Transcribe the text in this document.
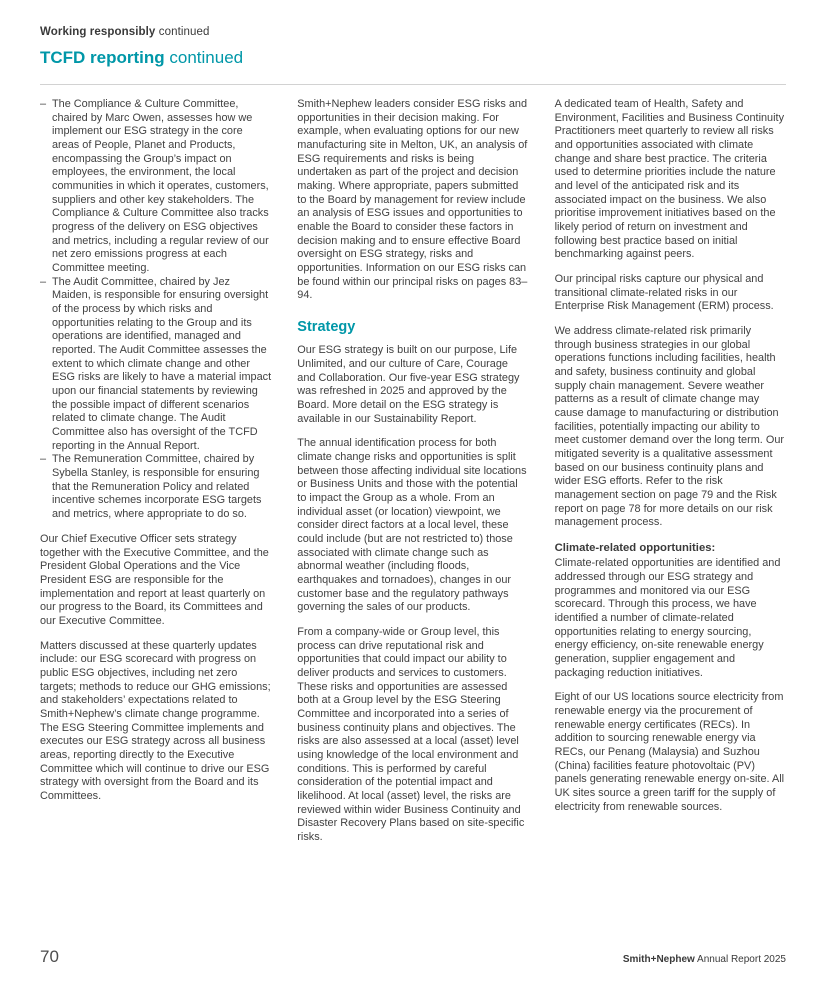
Working responsibly continued
TCFD reporting continued
– The Compliance & Culture Committee, chaired by Marc Owen, assesses how we implement our ESG strategy in the core areas of People, Planet and Products, encompassing the Group’s impact on employees, the environment, the local communities in which it operates, customers, suppliers and other key stakeholders. The Compliance & Culture Committee also tracks progress of the delivery on ESG objectives and metrics, including a regular review of our net zero emissions progress at each Committee meeting.
– The Audit Committee, chaired by Jez Maiden, is responsible for ensuring oversight of the process by which risks and opportunities relating to the Group and its operations are identified, managed and reported. The Audit Committee assesses the extent to which climate change and other ESG risks are likely to have a material impact upon our financial statements by reviewing the possible impact of different scenarios related to climate change. The Audit Committee also has oversight of the TCFD reporting in the Annual Report.
– The Remuneration Committee, chaired by Sybella Stanley, is responsible for ensuring that the Remuneration Policy and related incentive schemes incorporate ESG targets and metrics, where appropriate to do so.

Our Chief Executive Officer sets strategy together with the Executive Committee, and the President Global Operations and the Vice President ESG are responsible for the implementation and report at least quarterly on our progress to the Board, its Committees and our Executive Committee.

Matters discussed at these quarterly updates include: our ESG scorecard with progress on public ESG objectives, including net zero targets; methods to reduce our GHG emissions; and stakeholders’ expectations related to Smith+Nephew’s climate change programme. The ESG Steering Committee implements and executes our ESG strategy across all business areas, reporting directly to the Executive Committee which will continue to drive our ESG strategy with oversight from the Board and its Committees.

Smith+Nephew leaders consider ESG risks and opportunities in their decision making. For example, when evaluating options for our new manufacturing site in Melton, UK, an analysis of ESG requirements and risks is being undertaken as part of the project and decision making. Where appropriate, papers submitted to the Board by management for review include an analysis of ESG issues and opportunities to enable the Board to consider these factors in decision making and to ensure effective Board oversight on ESG strategy, risks and opportunities. Information on our ESG risks can be found within our principal risks on pages 83–94.

Strategy

Our ESG strategy is built on our purpose, Life Unlimited, and our culture of Care, Courage and Collaboration. Our five-year ESG strategy was refreshed in 2025 and approved by the Board. More detail on the ESG strategy is available in our Sustainability Report.

The annual identification process for both climate change risks and opportunities is split between those affecting individual site locations or Business Units and those with the potential to impact the Group as a whole. From an individual asset (or location) viewpoint, we consider direct factors at a local level, these could include (but are not restricted to) those associated with climate change such as abnormal weather (including floods, earthquakes and tornadoes), changes in our customer base and the regulatory pathways governing the sales of our products.

From a company-wide or Group level, this process can drive reputational risk and opportunities that could impact our ability to deliver products and services to customers. These risks and opportunities are assessed both at a Group level by the ESG Steering Committee and incorporated into a series of business continuity plans and objectives. The risks are also assessed at a local (asset) level using knowledge of the local environment and conditions. This is performed by careful consideration of the potential impact and likelihood. At local (asset) level, the risks are reviewed within wider Business Continuity and Disaster Recovery Plans based on site-specific risks.

A dedicated team of Health, Safety and Environment, Facilities and Business Continuity Practitioners meet quarterly to review all risks and opportunities associated with climate change and share best practice. The criteria used to determine priorities include the nature and level of the anticipated risk and its associated impact on the business. We also prioritise improvement initiatives based on the likely period of return on investment and following best practice based on initial benchmarking against peers.

Our principal risks capture our physical and transitional climate-related risks in our Enterprise Risk Management (ERM) process.

We address climate-related risk primarily through business strategies in our global operations functions including facilities, health and safety, business continuity and global supply chain management. Severe weather patterns as a result of climate change may cause damage to manufacturing or distribution facilities, potentially impacting our ability to meet customer demand over the long term. Our mitigated severity is a qualitative assessment based on our business continuity plans and wider ESG efforts. Refer to the risk management section on page 79 and the Risk report on page 78 for more details on our risk management process.

Climate-related opportunities:

Climate-related opportunities are identified and addressed through our ESG strategy and programmes and monitored via our ESG scorecard. Through this process, we have identified a number of climate-related opportunities relating to energy sourcing, energy efficiency, on-site renewable energy generation, supplier engagement and packaging reduction initiatives.

Eight of our US locations source electricity from renewable energy via the procurement of renewable energy certificates (RECs). In addition to sourcing renewable energy via RECs, our Penang (Malaysia) and Suzhou (China) facilities feature photovoltaic (PV) panels generating renewable energy on-site. All UK sites source a green tariff for the supply of electricity from renewable sources.

70	Smith+Nephew Annual Report 2025
